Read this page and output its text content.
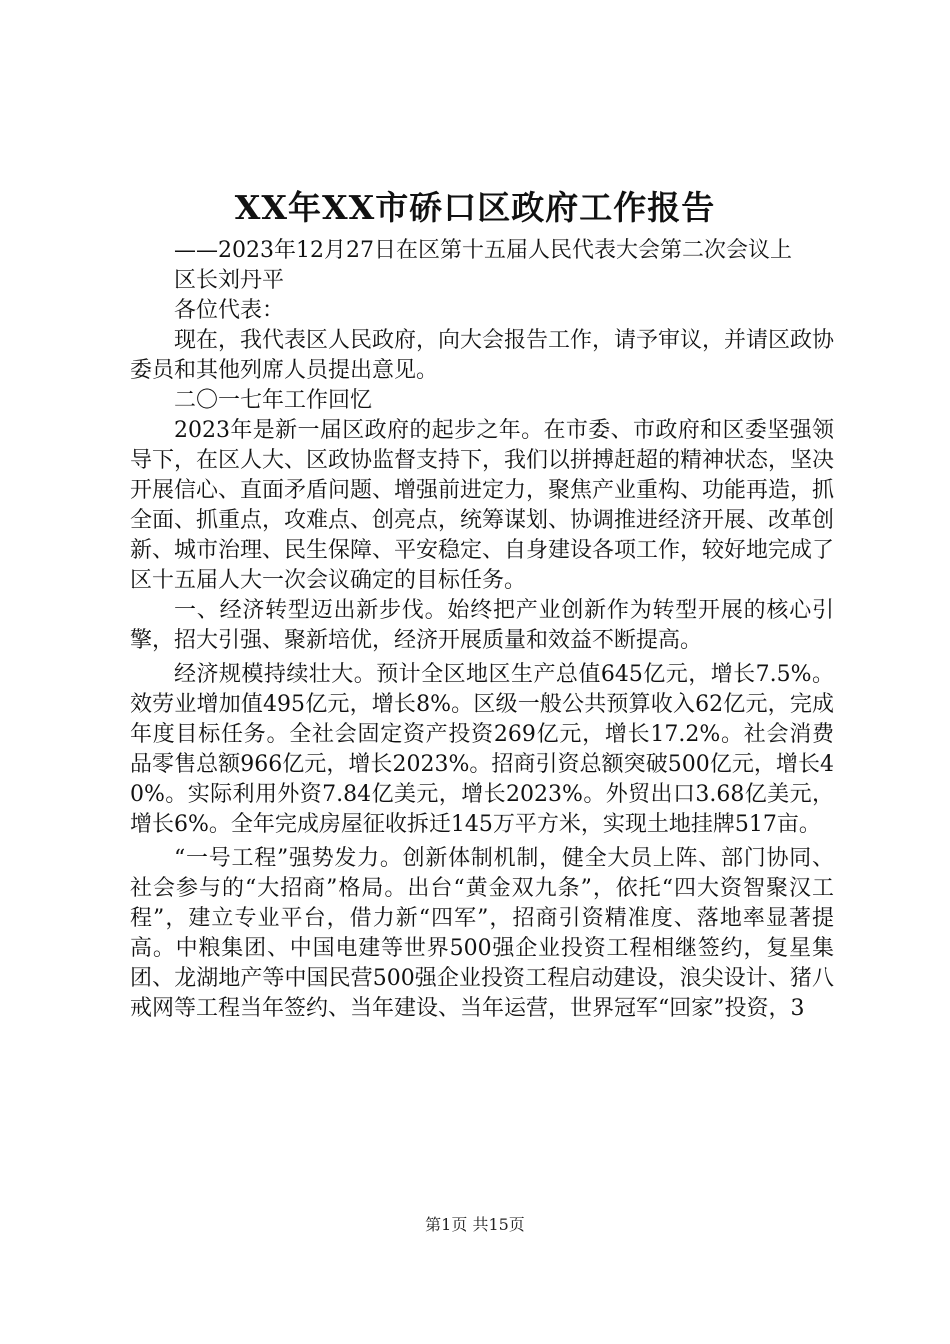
XX年XX市硚口区政府工作报告

——2023年12月27日在区第十五届人民代表大会第二次会议上

区长刘丹平

各位代表：

现在，我代表区人民政府，向大会报告工作，请予审议，并请区政协委员和其他列席人员提出意见。

二〇一七年工作回忆

2023年是新一届区政府的起步之年。在市委、市政府和区委坚强领导下，在区人大、区政协监督支持下，我们以拼搏赶超的精神状态，坚决开展信心、直面矛盾问题、增强前进定力，聚焦产业重构、功能再造，抓全面、抓重点，攻难点、创亮点，统筹谋划、协调推进经济开展、改革创新、城市治理、民生保障、平安稳定、自身建设各项工作，较好地完成了区十五届人大一次会议确定的目标任务。

一、经济转型迈出新步伐。始终把产业创新作为转型开展的核心引擎，招大引强、聚新培优，经济开展质量和效益不断提高。

经济规模持续壮大。预计全区地区生产总值645亿元，增长7.5%。效劳业增加值495亿元，增长8%。区级一般公共预算收入62亿元，完成年度目标任务。全社会固定资产投资269亿元，增长17.2%。社会消费品零售总额966亿元，增长2023%。招商引资总额突破500亿元，增长40%。实际利用外资7.84亿美元，增长2023%。外贸出口3.68亿美元，增长6%。全年完成房屋征收拆迁145万平方米，实现土地挂牌517亩。

“一号工程”强势发力。创新体制机制，健全大员上阵、部门协同、社会参与的“大招商”格局。出台“黄金双九条”，依托“四大资智聚汉工程”，建立专业平台，借力新“四军”，招商引资精准度、落地率显著提高。中粮集团、中国电建等世界500强企业投资工程相继签约，复星集团、龙湖地产等中国民营500强企业投资工程启动建设，浪尖设计、猪八戒网等工程当年签约、当年建设、当年运营，世界冠军“回家”投资，3

第1页 共15页
